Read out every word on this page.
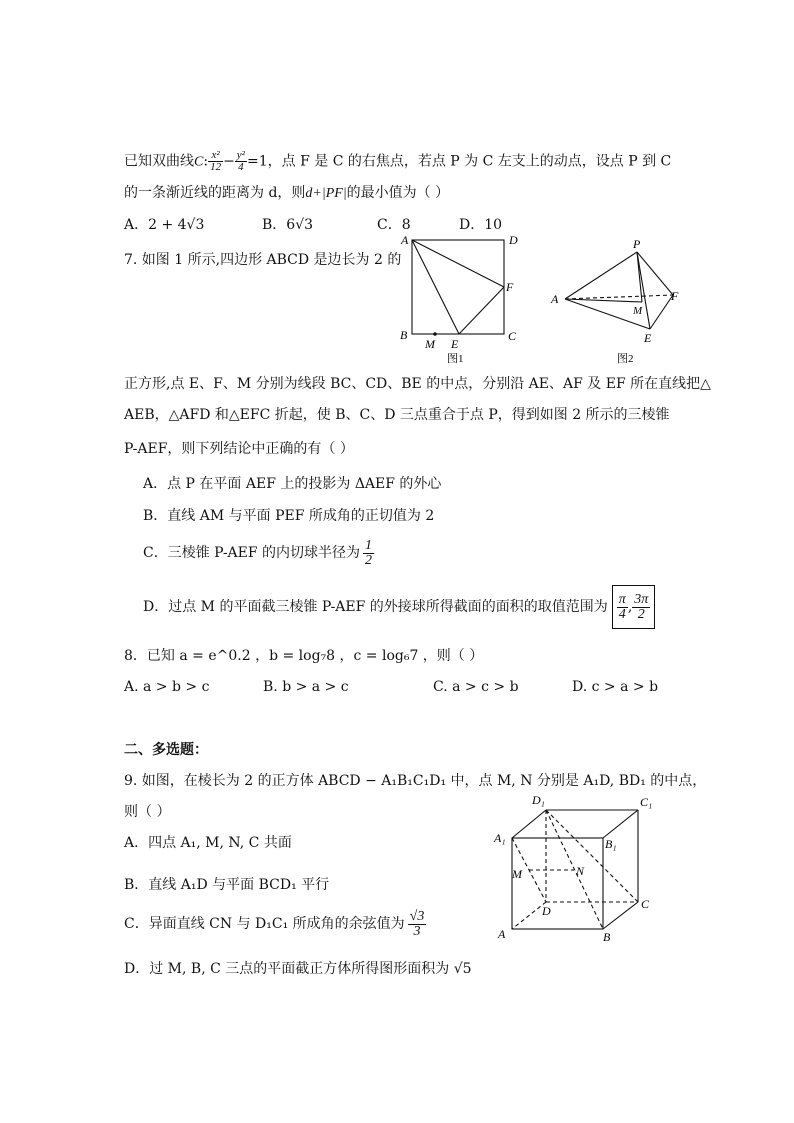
已知双曲线C: $\frac{\text{x²}}{12} - \frac{\text{y²}}{4} =1$，点 F 是 C 的右焦点，若点 P 为 C 左支上的动点，设点 P 到 C
的一条渐近线的距离为 d，则d+|PF|的最小值为（ ）
A．2 + 4√3	B．6√3	C．8	D．10
7. 如图 1 所示,四边形 ABCD 是边长为 2 的
A	D
B	C
F
M E
图1
P
A	F
M
E
图2
正方形,点 E、F、M 分别为线段 BC、CD、BE 的中点，分别沿 AE、AF 及 EF 所在直线把△
AEB，△AFD 和△EFC 折起，使 B、C、D 三点重合于点 P，得到如图 2 所示的三棱锥
P-AEF，则下列结论中正确的有（ ）
A．点 P 在平面 AEF 上的投影为 ΔAEF 的外心
B．直线 AM 与平面 PEF 所成角的正切值为 2
C．三棱锥 P-AEF 的内切球半径为 $\frac{1}{2}$
D．过点 M 的平面截三棱锥 P-AEF 的外接球所得截面的面积的取值范围为 $\frac{\pi}{4}$ , $\frac{3\pi}{2}$
8．已知 a = e^0.2 ，b = log₇8 ，c = log₆7 ，则（ ）
A. a > b > c	B. b > a > c	C. a > c > b	D. c > a > b
二、多选题：
9. 如图，在棱长为 2 的正方体 ABCD − A₁B₁C₁D₁ 中，点 M, N 分别是 A₁D, BD₁ 的中点，
则（ ）
A．四点 A₁, M, N, C 共面
B．直线 A₁D 与平面 BCD₁ 平行
C．异面直线 CN 与 D₁C₁ 所成角的余弦值为 $\frac{√3}{3}$
D．过 M, B, C 三点的平面截正方体所得图形面积为 √5
D₁	C₁
A₁	B₁
M	N
D	C
A	B
